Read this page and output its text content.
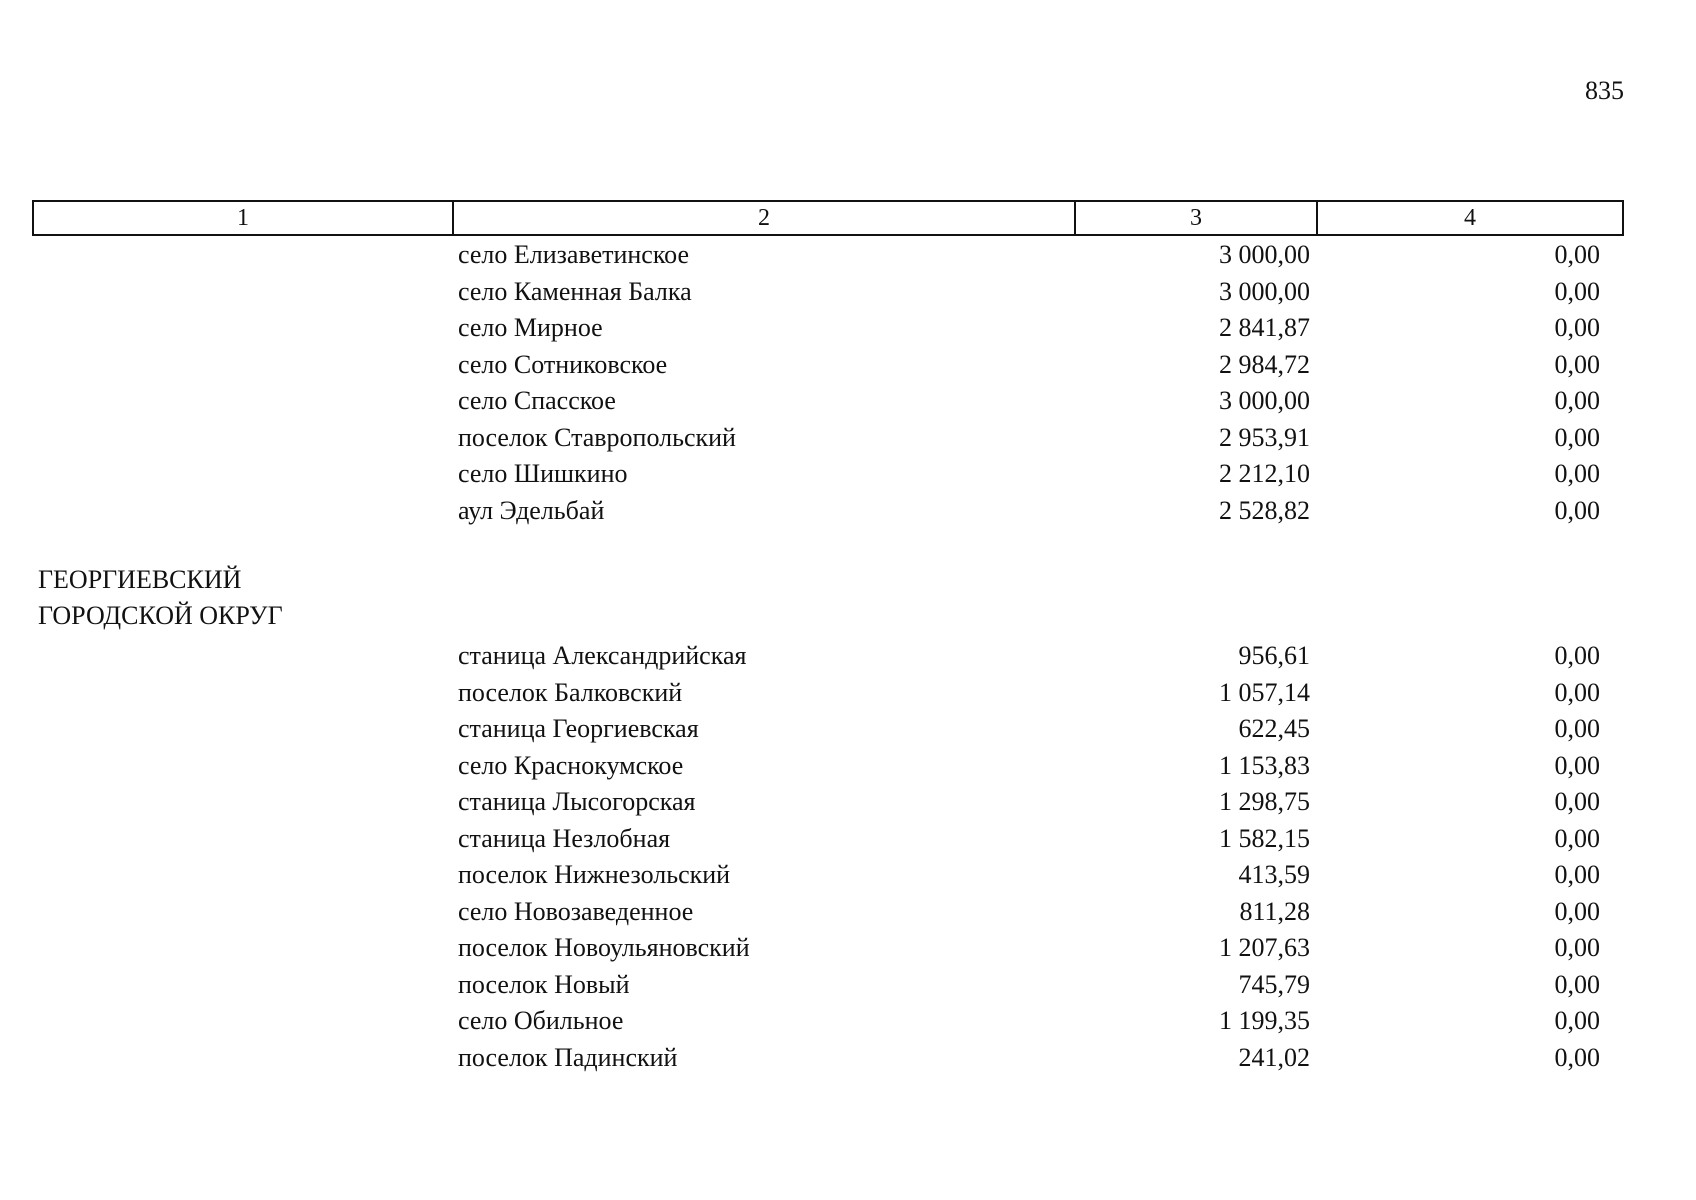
835
1	2	3	4
село Елизаветинское	3 000,00	0,00
село Каменная Балка	3 000,00	0,00
село Мирное	2 841,87	0,00
село Сотниковское	2 984,72	0,00
село Спасское	3 000,00	0,00
поселок Ставропольский	2 953,91	0,00
село Шишкино	2 212,10	0,00
аул Эдельбай	2 528,82	0,00
ГЕОРГИЕВСКИЙ
ГОРОДСКОЙ ОКРУГ
станица Александрийская	956,61	0,00
поселок Балковский	1 057,14	0,00
станица Георгиевская	622,45	0,00
село Краснокумское	1 153,83	0,00
станица Лысогорская	1 298,75	0,00
станица Незлобная	1 582,15	0,00
поселок Нижнезольский	413,59	0,00
село Новозаведенное	811,28	0,00
поселок Новоульяновский	1 207,63	0,00
поселок Новый	745,79	0,00
село Обильное	1 199,35	0,00
поселок Падинский	241,02	0,00
